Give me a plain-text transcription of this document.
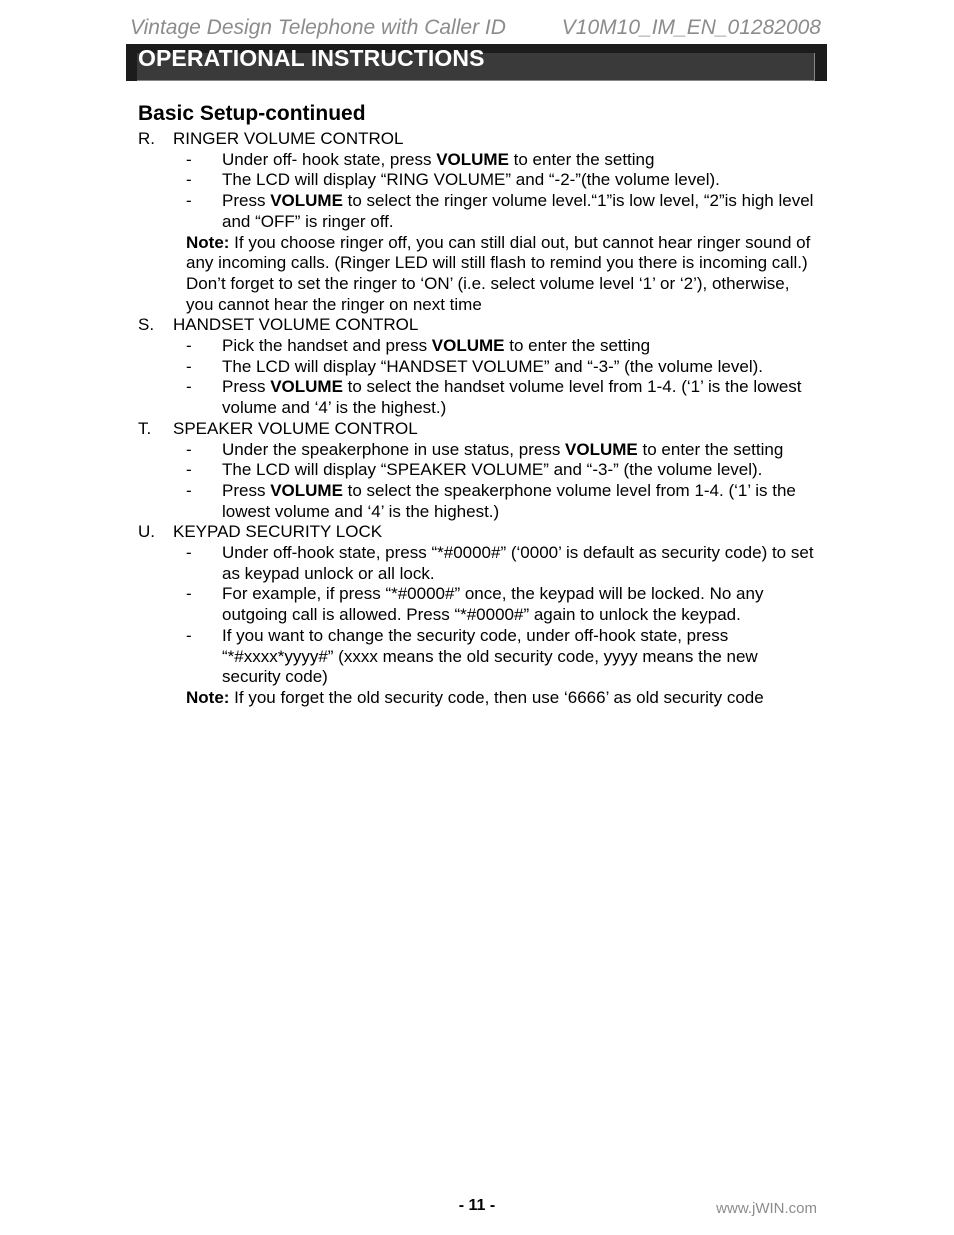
Vintage Design Telephone with Caller ID	V10M10_IM_EN_01282008
OPERATIONAL INSTRUCTIONS
Basic Setup-continued
R.	RINGER VOLUME CONTROL
-	Under off- hook state, press VOLUME to enter the setting
-	The LCD will display “RING VOLUME” and “-2-”(the volume level).
-	Press VOLUME to select the ringer volume level.“1”is low level, “2”is high level and “OFF” is ringer off.
Note: If you choose ringer off, you can still dial out, but cannot hear ringer sound of any incoming calls. (Ringer LED will still flash to remind you there is incoming call.) Don’t forget to set the ringer to ‘ON’ (i.e. select volume level ‘1’ or ‘2’), otherwise, you cannot hear the ringer on next time
S.	HANDSET VOLUME CONTROL
-	Pick the handset and press VOLUME to enter the setting
-	The LCD will display “HANDSET VOLUME” and “-3-” (the volume level).
-	Press VOLUME to select the handset volume level from 1-4. (‘1’ is the lowest volume and ‘4’ is the highest.)
T.	SPEAKER VOLUME CONTROL
-	Under the speakerphone in use status, press VOLUME to enter the setting
-	The LCD will display “SPEAKER VOLUME” and “-3-” (the volume level).
-	Press VOLUME to select the speakerphone volume level from 1-4. (‘1’ is the lowest volume and ‘4’ is the highest.)
U.	KEYPAD SECURITY LOCK
-	Under off-hook state, press “*#0000#” (‘0000’ is default as security code) to set as keypad unlock or all lock.
-	For example, if press “*#0000#” once, the keypad will be locked. No any outgoing call is allowed. Press “*#0000#” again to unlock the keypad.
-	If you want to change the security code, under off-hook state, press “*#xxxx*yyyy#” (xxxx means the old security code, yyyy means the new security code)
Note: If you forget the old security code, then use ‘6666’ as old security code
- 11 -	www.jWIN.com
